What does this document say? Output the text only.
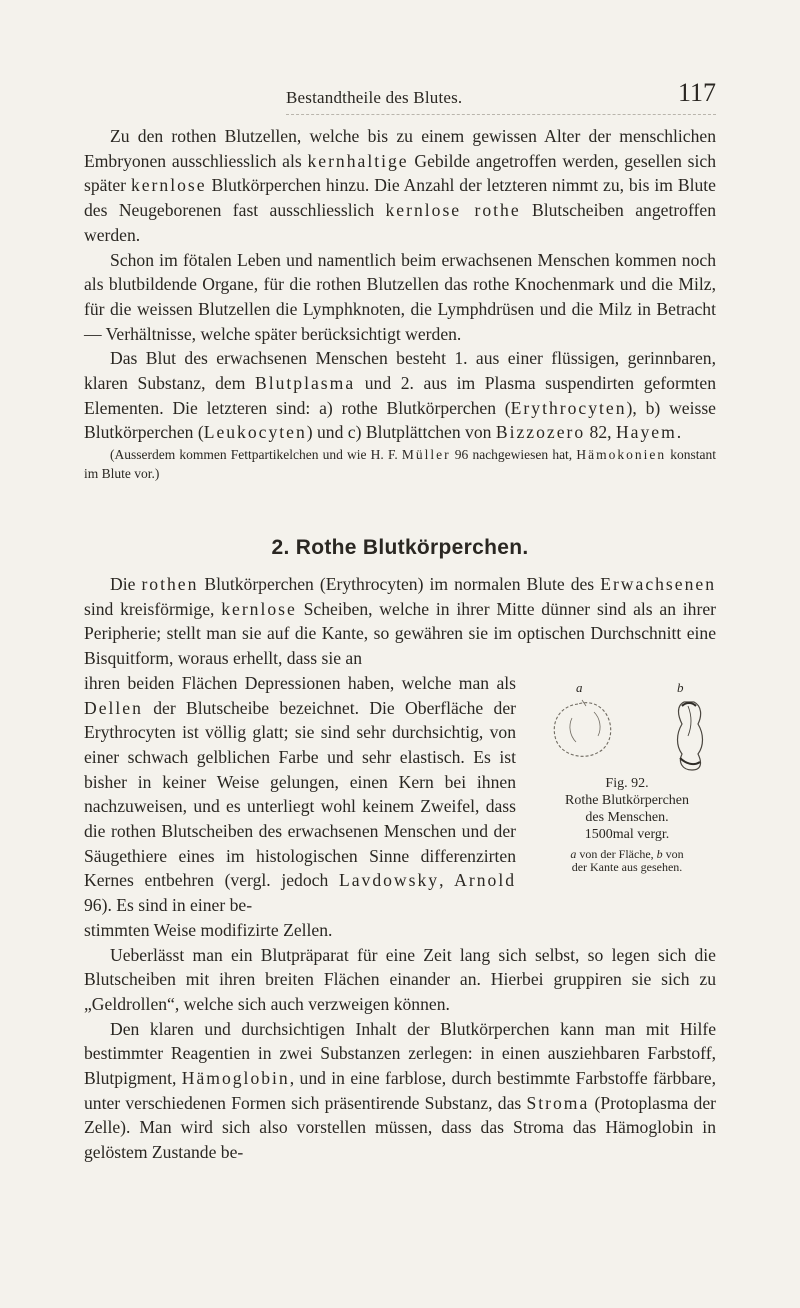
Bestandtheile des Blutes.	117

Zu den rothen Blutzellen, welche bis zu einem gewissen Alter der menschlichen Embryonen ausschliesslich als kernhaltige Gebilde angetroffen werden, gesellen sich später kernlose Blutkörperchen hinzu. Die Anzahl der letzteren nimmt zu, bis im Blute des Neugeborenen fast ausschliesslich kernlose rothe Blutscheiben angetroffen werden.

Schon im fötalen Leben und namentlich beim erwachsenen Menschen kommen noch als blutbildende Organe, für die rothen Blutzellen das rothe Knochenmark und die Milz, für die weissen Blutzellen die Lymphknoten, die Lymphdrüsen und die Milz in Betracht — Verhältnisse, welche später berücksichtigt werden.

Das Blut des erwachsenen Menschen besteht 1. aus einer flüssigen, gerinnbaren, klaren Substanz, dem Blutplasma und 2. aus im Plasma suspendirten geformten Elementen. Die letzteren sind: a) rothe Blutkörperchen (Erythrocyten), b) weisse Blutkörperchen (Leukocyten) und c) Blutplättchen von Bizzozero 82, Hayem.

(Ausserdem kommen Fettpartikelchen und wie H. F. Müller 96 nachgewiesen hat, Hämokonien konstant im Blute vor.)

2. Rothe Blutkörperchen.

Die rothen Blutkörperchen (Erythrocyten) im normalen Blute des Erwachsenen sind kreisförmige, kernlose Scheiben, welche in ihrer Mitte dünner sind als an ihrer Peripherie; stellt man sie auf die Kante, so gewähren sie im optischen Durchschnitt eine Bisquitform, woraus erhellt, dass sie an

ihren beiden Flächen Depressionen haben, welche man als Dellen der Blutscheibe bezeichnet. Die Oberfläche der Erythrocyten ist völlig glatt; sie sind sehr durchsichtig, von einer schwach gelblichen Farbe und sehr elastisch. Es ist bisher in keiner Weise gelungen, einen Kern bei ihnen nachzuweisen, und es unterliegt wohl keinem Zweifel, dass die rothen Blutscheiben des erwachsenen Menschen und der Säugethiere eines im histologischen Sinne differenzirten Kernes entbehren (vergl. jedoch Lavdowsky, Arnold 96). Es sind in einer be-

stimmten Weise modifizirte Zellen.

Ueberlässt man ein Blutpräparat für eine Zeit lang sich selbst, so legen sich die Blutscheiben mit ihren breiten Flächen einander an. Hierbei gruppiren sie sich zu „Geldrollen“, welche sich auch verzweigen können.

Den klaren und durchsichtigen Inhalt der Blutkörperchen kann man mit Hilfe bestimmter Reagentien in zwei Substanzen zerlegen: in einen ausziehbaren Farbstoff, Blutpigment, Hämoglobin, und in eine farblose, durch bestimmte Farbstoffe färbbare, unter verschiedenen Formen sich präsentirende Substanz, das Stroma (Protoplasma der Zelle). Man wird sich also vorstellen müssen, dass das Stroma das Hämoglobin in gelöstem Zustande be-

a	b
Fig. 92.
Rothe Blutkörperchen
des Menschen.
1500mal vergr.
a von der Fläche, b von
der Kante aus gesehen.
